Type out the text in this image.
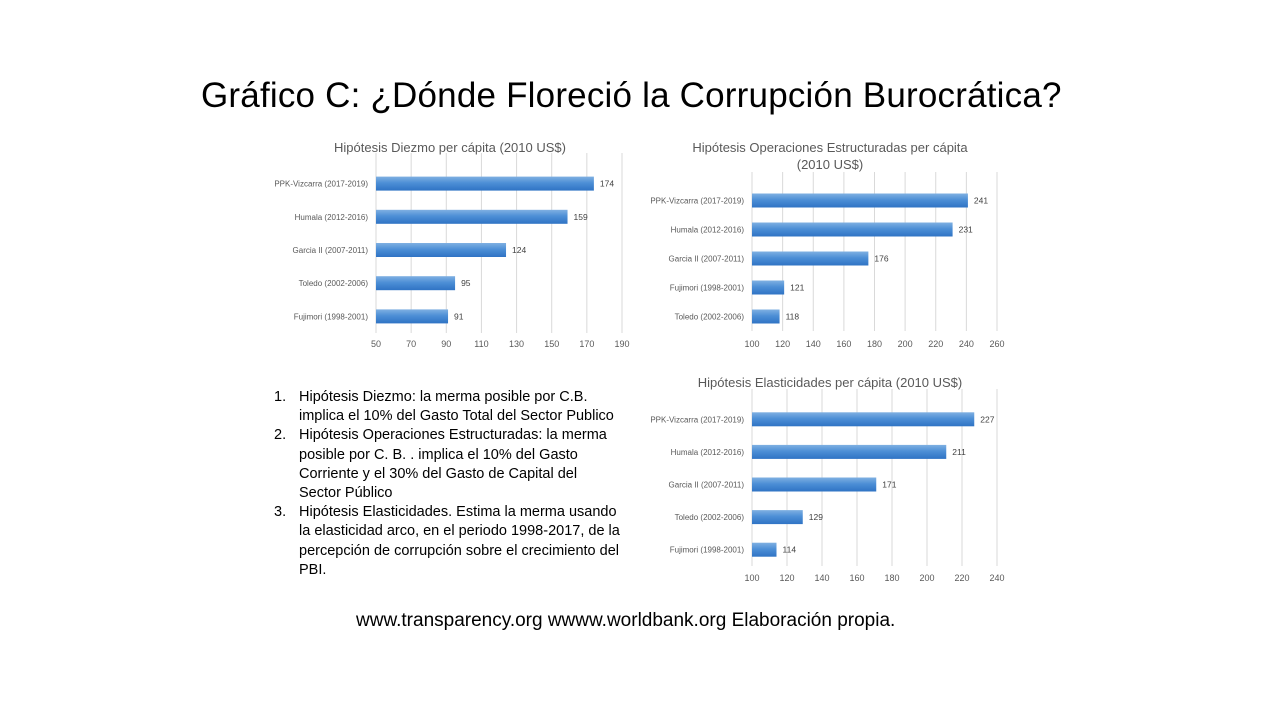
Gráfico C: ¿Dónde Floreció la Corrupción Burocrática?
Hipótesis Diezmo per cápita (2010 US$)
50	70	90	110 130 150 170 190
PPK-Vizcarra (2017-2019)	174
Humala (2012-2016)	159
Garcia II (2007-2011)	124
Toledo (2002-2006)	95
Fujimori (1998-2001)	91
Hipótesis Operaciones Estructuradas per cápita
(2010 US$)
100 120 140 160 180 200 220 240 260
PPK-Vizcarra (2017-2019)	241
Humala (2012-2016)	231
Garcia II (2007-2011)	176
Fujimori (1998-2001)	121
Toledo (2002-2006)	118
Hipótesis Elasticidades per cápita (2010 US$)
100 120 140 160 180 200 220 240
PPK-Vizcarra (2017-2019)	227
Humala (2012-2016)	211
Garcia II (2007-2011)	171
Toledo (2002-2006)	129
Fujimori (1998-2001)	114
1. Hipótesis Diezmo: la merma posible por C.B. implica el 10% del Gasto Total del Sector Publico
2. Hipótesis Operaciones Estructuradas: la merma posible por C. B. . implica el 10% del Gasto Corriente y el 30% del Gasto de Capital del Sector Público
3. Hipótesis Elasticidades. Estima la merma usando la elasticidad arco, en el periodo 1998-2017, de la percepción de corrupción sobre el crecimiento del PBI.
www.transparency.org wwww.worldbank.org Elaboración propia.
